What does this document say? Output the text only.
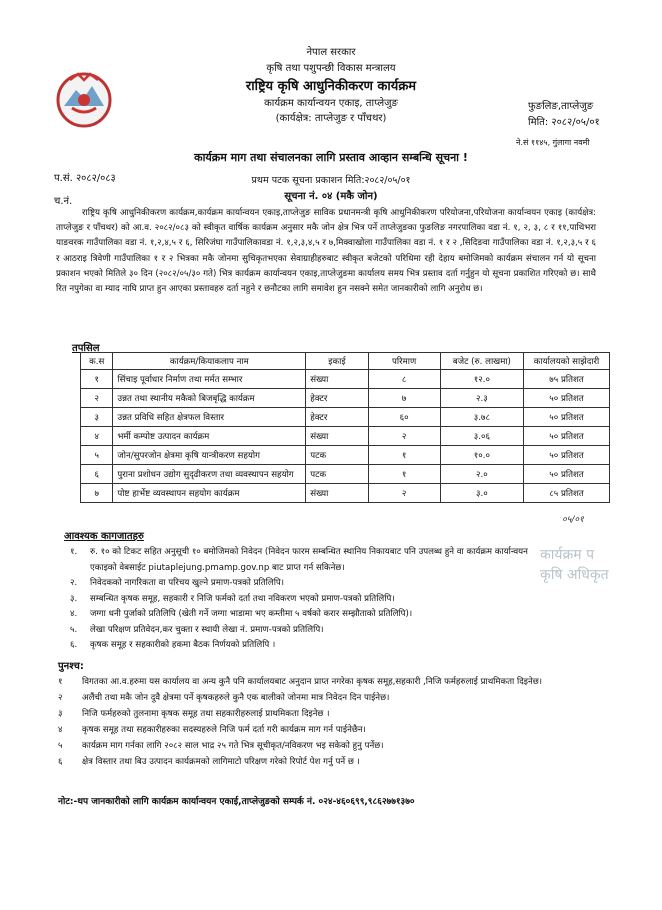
नेपाल सरकार
कृषि तथा पशुपन्छी विकास मन्त्रालय
राष्ट्रिय कृषि आधुनिकीकरण कार्यक्रम
कार्यक्रम कार्यान्वयन एकाइ, ताप्लेजुङ
(कार्यक्षेत्र: ताप्लेजुङ र पाँचथर)
फुङलिङ,ताप्लेजुङ
मिति: २०८२/०५/०१
ने.सं ११४५, गुंलागा नवमी
कार्यक्रम माग तथा संचालनका लागि प्रस्ताव आव्हान सम्बन्धि सूचना !
प.सं. २०८२/०८३
च.नं.
प्रथम पटक सूचना प्रकाशन मिति:२०८२/०५/०१
सूचना नं. ०४ (मकै जोन)

राष्ट्रिय कृषि आधुनिकीकरण कार्यक्रम,कार्यक्रम कार्यान्वयन एकाइ,ताप्लेजुङ साविक प्रधानमन्त्री कृषि आधुनिकीकरण परियोजना,परियोजना कार्यान्वयन एकाइ (कार्यक्षेत्र: ताप्लेजुङ र पाँचथर) को आ.व. २०८२/०८३ को स्वीकृत वार्षिक कार्यक्रम अनुसार मकै जोन क्षेत्र भित्र पर्ने ताप्लेजुङका फुङलिङ नगरपालिका वडा नं. १, २, ३, ८ र ११,पाथिभरा याङवरक गाउँपालिका वडा नं. १,२,४,५ र ६, सिरिजंघा गाउँपालिकावडा नं. १,२,३,४,५ र ७,मिक्वाखोला गाउँपालिका वडा नं. १ र २ ,सिदिङवा गाउँपालिका वडा नं. १,२,३,५ र ६ र आठराइ त्रिवेणी गाउँपालिका १ र २ भित्रका मकै जोनमा सुचिकृतभएका सेवाग्राहीहरुबाट स्वीकृत बजेटको परिधिमा रही देहाय बमोजिमको कार्यक्रम संचालन गर्न यो सूचना प्रकाशन भएको मितिले ३० दिन (२०८२/०५/३० गते) भित्र कार्यक्रम कार्यान्वयन एकाइ,ताप्लेजुङमा कार्यालय समय भित्र प्रस्ताव दर्ता गर्नुहुन यो सूचना प्रकाशित गरिएको छ। साथै रित नपुगेका वा म्याद नाघि प्राप्त हुन आएका प्रस्तावहरु दर्ता नहुने र छनौटका लागि समावेश हुन नसक्ने समेत जानकारीको लागि अनुरोध छ।

तपसिल
क.स	कार्यक्रम/कियाकलाप नाम	इकाई	परिमाण	बजेट (रु. लाखमा)	कार्यालयको साझेदारी
१	सिंचाइ पूर्वाधार निर्माण तथा मर्मत सम्भार	संख्या	८	१२.०	७५ प्रतिशत
२	उन्नत तथा स्थानीय मकैको बिजबृद्धि कार्यक्रम	हेक्टर	७	२.३	५० प्रतिशत
३	उन्नत प्रविधि सहित क्षेत्रफल विस्तार	हेक्टर	६०	३.७८	५० प्रतिशत
४	भर्मी कम्पोष्ट उत्पादन कार्यक्रम	संख्या	२	३.०६	५० प्रतिशत
५	जोन/सुपरजोन क्षेत्रमा कृषि यान्त्रीकरण सहयोग	पटक	१	१०.०	५० प्रतिशत
६	पुराना प्रशोधन उद्योग सुदृढीकरण तथा व्यवस्थापन सहयोग	पटक	१	२.०	५० प्रतिशत
७	पोष्ट हार्भेष्ट व्यवस्थापन सहयोग कार्यक्रम	संख्या	२	३.०	८५ प्रतिशत
०५/०१
आवश्यक कागजातहरु
१.	रु. १० को टिकट सहित अनुसूची १० बमोजिमको निवेदन (निवेदन फारम सम्बन्धित स्थानिय निकायबाट पनि उपलब्ध हुने वा कार्यक्रम कार्यान्वयन एकाइको वेबसाईट piutaplejung.pmamp.gov.np बाट प्राप्त गर्न सकिनेछ।
२.	निवेदकको नागरिकता वा परिचय खुल्ने प्रमाण-पत्रको प्रतिलिपि।
३.	सम्बन्धित कृषक समूह, सहकारी र निजि फर्मको दर्ता तथा नविकरण भएको प्रमाण-पत्रको प्रतिलिपि।
४.	जग्गा धनी पुर्जाको प्रतिलिपि (खेती गर्ने जग्गा भाडामा भए कम्तीमा ५ वर्षको करार सम्झौताको प्रतिलिपि)।
५.	लेखा परिक्षण प्रतिवेदन,कर चुक्ता र स्थायी लेखा नं. प्रमाण-पत्रको प्रतिलिपि।
६.	कृषक समूह र सहकारीको हकमा बैठक निर्णयको प्रतिलिपि ।
कार्यक्रम प
कृषि अधिकृत
पुनश्च:
१	विगतका आ.व.हरुमा यस कार्यालय वा अन्य कुनै पनि कार्यालयबाट अनुदान प्राप्त नगरेका कृषक समूह,सहकारी ,निजि फर्महरुलाई प्राथमिकता दिइनेछ।
२	अलैंची तथा मकै जोन दुवै क्षेत्रमा पर्ने कृषकहरुले कुनै एक बालीको जोनमा मात्र निवेदन दिन पाईनेछ।
३	निजि फर्महरुको तुलनामा कृषक समूह तथा सहकारीहरुलाई प्राथमिकता दिइनेछ ।
४	कृषक समूह तथा सहकारीहरुका सदस्यहरुले निजि फर्म दर्ता गरी कार्यक्रम माग गर्न पाईनेछैन।
५	कार्यक्रम माग गर्नका लागि २०८२ साल भाद्र २५ गते भित्र सूचीकृत/नविकरण भइ सकेको हुनु पर्नेछ।
६	क्षेत्र विस्तार तथा बिउ उत्पादन कार्यक्रमको लागिमाटो परिक्षण गरेको रिपोर्ट पेश गर्नु पर्ने छ ।
नोट:-थप जानकारीको लागि कार्यक्रम कार्यान्वयन एकाई,ताप्लेजुङको सम्पर्क नं. ०२४-४६०६९९,९८६२७७१३७०
